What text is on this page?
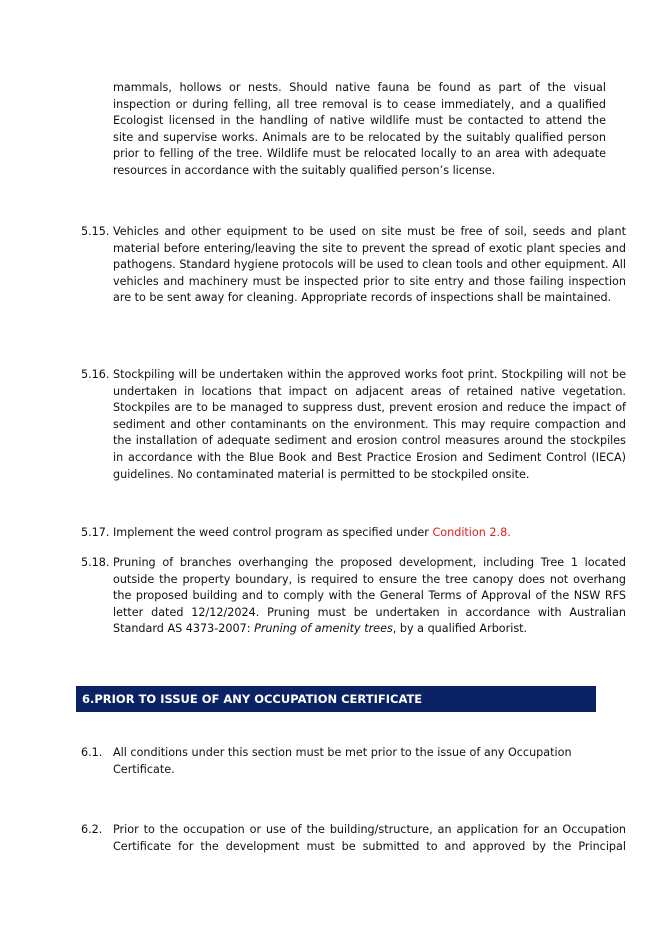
mammals, hollows or nests. Should native fauna be found as part of the visual inspection or during felling, all tree removal is to cease immediately, and a qualified Ecologist licensed in the handling of native wildlife must be contacted to attend the site and supervise works. Animals are to be relocated by the suitably qualified person prior to felling of the tree. Wildlife must be relocated locally to an area with adequate resources in accordance with the suitably qualified person’s license.

5.15. Vehicles and other equipment to be used on site must be free of soil, seeds and plant material before entering/leaving the site to prevent the spread of exotic plant species and pathogens. Standard hygiene protocols will be used to clean tools and other equipment. All vehicles and machinery must be inspected prior to site entry and those failing inspection are to be sent away for cleaning. Appropriate records of inspections shall be maintained.
5.16. Stockpiling will be undertaken within the approved works foot print. Stockpiling will not be undertaken in locations that impact on adjacent areas of retained native vegetation. Stockpiles are to be managed to suppress dust, prevent erosion and reduce the impact of sediment and other contaminants on the environment. This may require compaction and the installation of adequate sediment and erosion control measures around the stockpiles in accordance with the Blue Book and Best Practice Erosion and Sediment Control (IECA) guidelines. No contaminated material is permitted to be stockpiled onsite.
5.17. Implement the weed control program as specified under Condition 2.8.
5.18. Pruning of branches overhanging the proposed development, including Tree 1 located outside the property boundary, is required to ensure the tree canopy does not overhang the proposed building and to comply with the General Terms of Approval of the NSW RFS letter dated 12/12/2024. Pruning must be undertaken in accordance with Australian Standard AS 4373-2007: Pruning of amenity trees, by a qualified Arborist.
6.PRIOR TO ISSUE OF ANY OCCUPATION CERTIFICATE
6.1. All conditions under this section must be met prior to the issue of any Occupation Certificate.
6.2. Prior to the occupation or use of the building/structure, an application for an Occupation Certificate for the development must be submitted to and approved by the Principal
